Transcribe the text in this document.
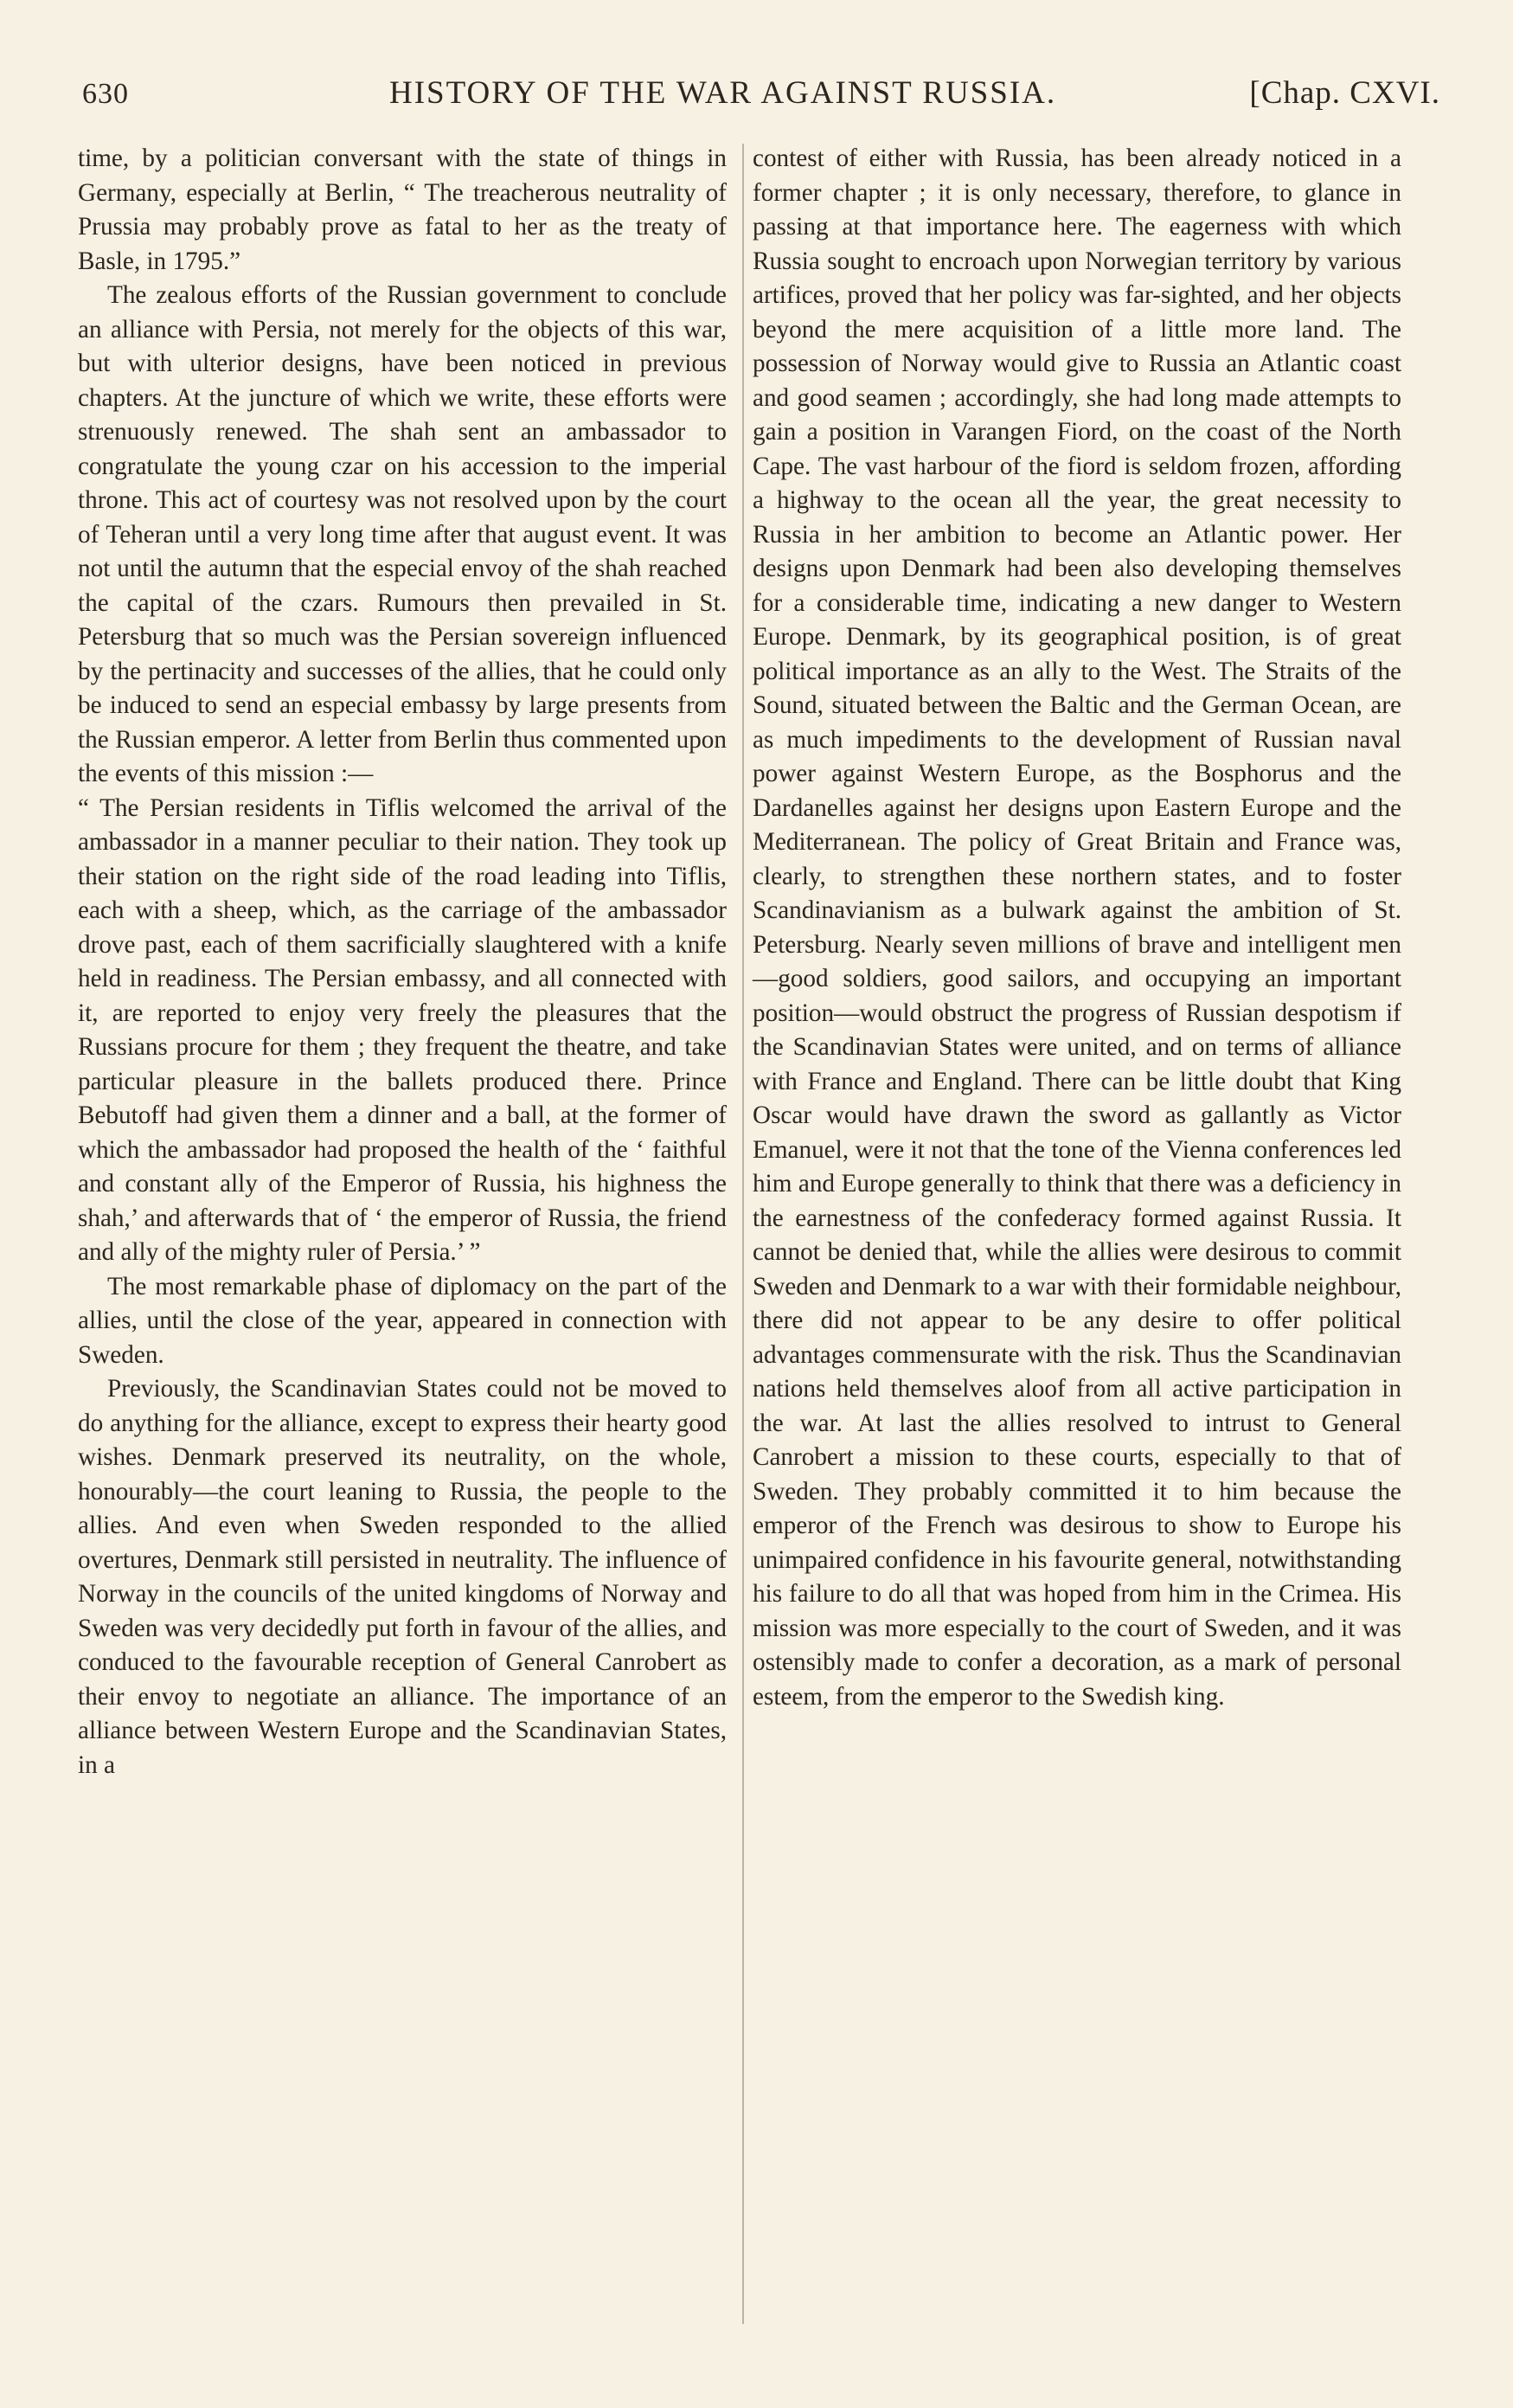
630	HISTORY OF THE WAR AGAINST RUSSIA.	[Chap. CXVI.

time, by a politician conversant with the state of things in Germany, especially at Berlin, “ The treacherous neutrality of Prussia may probably prove as fatal to her as the treaty of Basle, in 1795.”

The zealous efforts of the Russian government to conclude an alliance with Persia, not merely for the objects of this war, but with ulterior designs, have been noticed in previous chapters. At the juncture of which we write, these efforts were strenuously renewed. The shah sent an ambassador to congratulate the young czar on his accession to the imperial throne. This act of courtesy was not resolved upon by the court of Teheran until a very long time after that august event. It was not until the autumn that the especial envoy of the shah reached the capital of the czars. Rumours then prevailed in St. Petersburg that so much was the Persian sovereign influenced by the pertinacity and successes of the allies, that he could only be induced to send an especial embassy by large presents from the Russian emperor. A letter from Berlin thus commented upon the events of this mission :—

“ The Persian residents in Tiflis welcomed the arrival of the ambassador in a manner peculiar to their nation. They took up their station on the right side of the road leading into Tiflis, each with a sheep, which, as the carriage of the ambassador drove past, each of them sacrificially slaughtered with a knife held in readiness. The Persian embassy, and all connected with it, are reported to enjoy very freely the pleasures that the Russians procure for them ; they frequent the theatre, and take particular pleasure in the ballets produced there. Prince Bebutoff had given them a dinner and a ball, at the former of which the ambassador had proposed the health of the ‘ faithful and constant ally of the Emperor of Russia, his highness the shah,’ and afterwards that of ‘ the emperor of Russia, the friend and ally of the mighty ruler of Persia.’ ”

The most remarkable phase of diplomacy on the part of the allies, until the close of the year, appeared in connection with Sweden.

Previously, the Scandinavian States could not be moved to do anything for the alliance, except to express their hearty good wishes. Denmark preserved its neutrality, on the whole, honourably—the court leaning to Russia, the people to the allies. And even when Sweden responded to the allied overtures, Denmark still persisted in neutrality. The influence of Norway in the councils of the united kingdoms of Norway and Sweden was very decidedly put forth in favour of the allies, and conduced to the favourable reception of General Canrobert as their envoy to negotiate an alliance. The importance of an alliance between Western Europe and the Scandinavian States, in a

contest of either with Russia, has been already noticed in a former chapter ; it is only necessary, therefore, to glance in passing at that importance here. The eagerness with which Russia sought to encroach upon Norwegian territory by various artifices, proved that her policy was far-sighted, and her objects beyond the mere acquisition of a little more land. The possession of Norway would give to Russia an Atlantic coast and good seamen ; accordingly, she had long made attempts to gain a position in Varangen Fiord, on the coast of the North Cape. The vast harbour of the fiord is seldom frozen, affording a highway to the ocean all the year, the great necessity to Russia in her ambition to become an Atlantic power. Her designs upon Denmark had been also developing themselves for a considerable time, indicating a new danger to Western Europe. Denmark, by its geographical position, is of great political importance as an ally to the West. The Straits of the Sound, situated between the Baltic and the German Ocean, are as much impediments to the development of Russian naval power against Western Europe, as the Bosphorus and the Dardanelles against her designs upon Eastern Europe and the Mediterranean. The policy of Great Britain and France was, clearly, to strengthen these northern states, and to foster Scandinavianism as a bulwark against the ambition of St. Petersburg. Nearly seven millions of brave and intelligent men—good soldiers, good sailors, and occupying an important position—would obstruct the progress of Russian despotism if the Scandinavian States were united, and on terms of alliance with France and England. There can be little doubt that King Oscar would have drawn the sword as gallantly as Victor Emanuel, were it not that the tone of the Vienna conferences led him and Europe generally to think that there was a deficiency in the earnestness of the confederacy formed against Russia. It cannot be denied that, while the allies were desirous to commit Sweden and Denmark to a war with their formidable neighbour, there did not appear to be any desire to offer political advantages commensurate with the risk. Thus the Scandinavian nations held themselves aloof from all active participation in the war. At last the allies resolved to intrust to General Canrobert a mission to these courts, especially to that of Sweden. They probably committed it to him because the emperor of the French was desirous to show to Europe his unimpaired confidence in his favourite general, notwithstanding his failure to do all that was hoped from him in the Crimea. His mission was more especially to the court of Sweden, and it was ostensibly made to confer a decoration, as a mark of personal esteem, from the emperor to the Swedish king.
